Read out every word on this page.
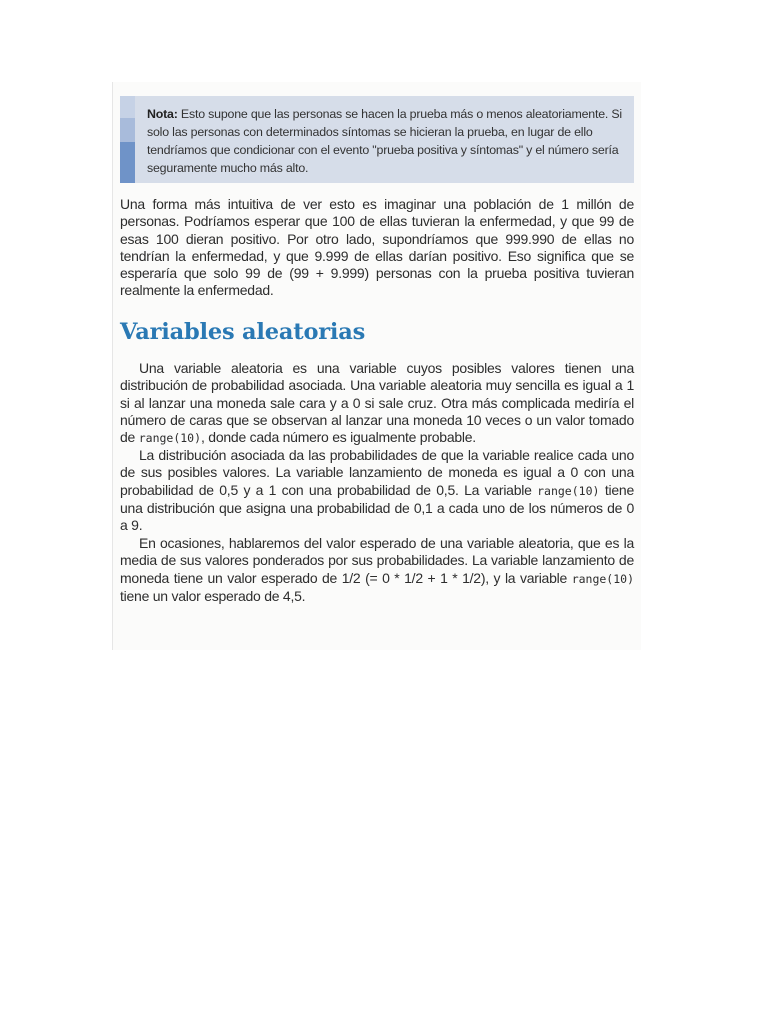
Nota: Esto supone que las personas se hacen la prueba más o menos aleatoriamente. Si solo las personas con determinados síntomas se hicieran la prueba, en lugar de ello tendríamos que condicionar con el evento "prueba positiva y síntomas" y el número sería seguramente mucho más alto.
Una forma más intuitiva de ver esto es imaginar una población de 1 millón de personas. Podríamos esperar que 100 de ellas tuvieran la enfermedad, y que 99 de esas 100 dieran positivo. Por otro lado, supondríamos que 999.990 de ellas no tendrían la enfermedad, y que 9.999 de ellas darían positivo. Eso significa que se esperaría que solo 99 de (99 + 9.999) personas con la prueba positiva tuvieran realmente la enfermedad.
Variables aleatorias
Una variable aleatoria es una variable cuyos posibles valores tienen una distribución de probabilidad asociada. Una variable aleatoria muy sencilla es igual a 1 si al lanzar una moneda sale cara y a 0 si sale cruz. Otra más complicada mediría el número de caras que se observan al lanzar una moneda 10 veces o un valor tomado de range(10), donde cada número es igualmente probable.
La distribución asociada da las probabilidades de que la variable realice cada uno de sus posibles valores. La variable lanzamiento de moneda es igual a 0 con una probabilidad de 0,5 y a 1 con una probabilidad de 0,5. La variable range(10) tiene una distribución que asigna una probabilidad de 0,1 a cada uno de los números de 0 a 9.
En ocasiones, hablaremos del valor esperado de una variable aleatoria, que es la media de sus valores ponderados por sus probabilidades. La variable lanzamiento de moneda tiene un valor esperado de 1/2 (= 0 * 1/2 + 1 * 1/2), y la variable range(10) tiene un valor esperado de 4,5.
